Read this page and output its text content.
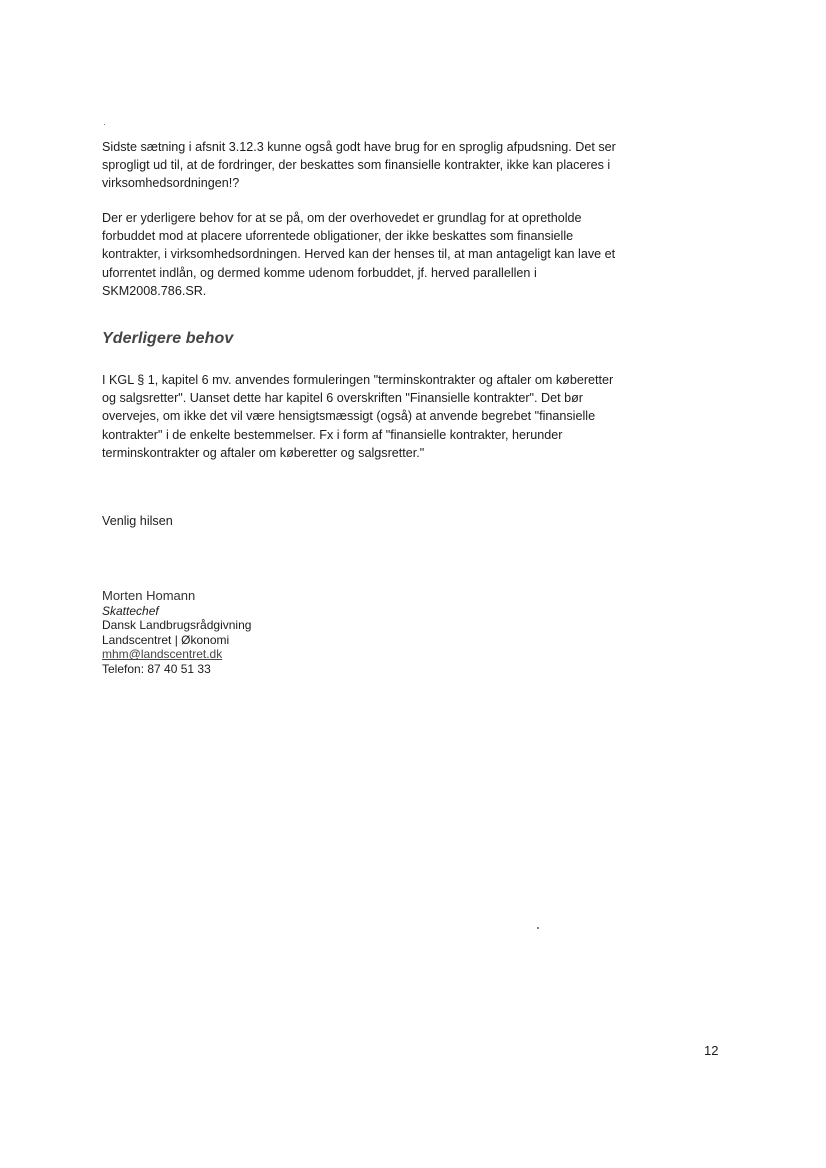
Sidste sætning i afsnit 3.12.3 kunne også godt have brug for en sproglig afpudsning. Det ser
sprogligt ud til, at de fordringer, der beskattes som finansielle kontrakter, ikke kan placeres i
virksomhedsordningen!?

Der er yderligere behov for at se på, om der overhovedet er grundlag for at opretholde
forbuddet mod at placere uforrentede obligationer, der ikke beskattes som finansielle
kontrakter, i virksomhedsordningen. Herved kan der henses til, at man antageligt kan lave et
uforrentet indlån, og dermed komme udenom forbuddet, jf. herved parallellen i
SKM2008.786.SR.

Yderligere behov

I KGL § 1, kapitel 6 mv. anvendes formuleringen "terminskontrakter og aftaler om køberetter
og salgsretter". Uanset dette har kapitel 6 overskriften "Finansielle kontrakter". Det bør
overvejes, om ikke det vil være hensigtsmæssigt (også) at anvende begrebet "finansielle
kontrakter" i de enkelte bestemmelser. Fx i form af "finansielle kontrakter, herunder
terminskontrakter og aftaler om køberetter og salgsretter."

Venlig hilsen

Morten Homann
Skattechef
Dansk Landbrugsrådgivning
Landscentret | Økonomi
mhm@landscentret.dk
Telefon: 87 40 51 33

12
